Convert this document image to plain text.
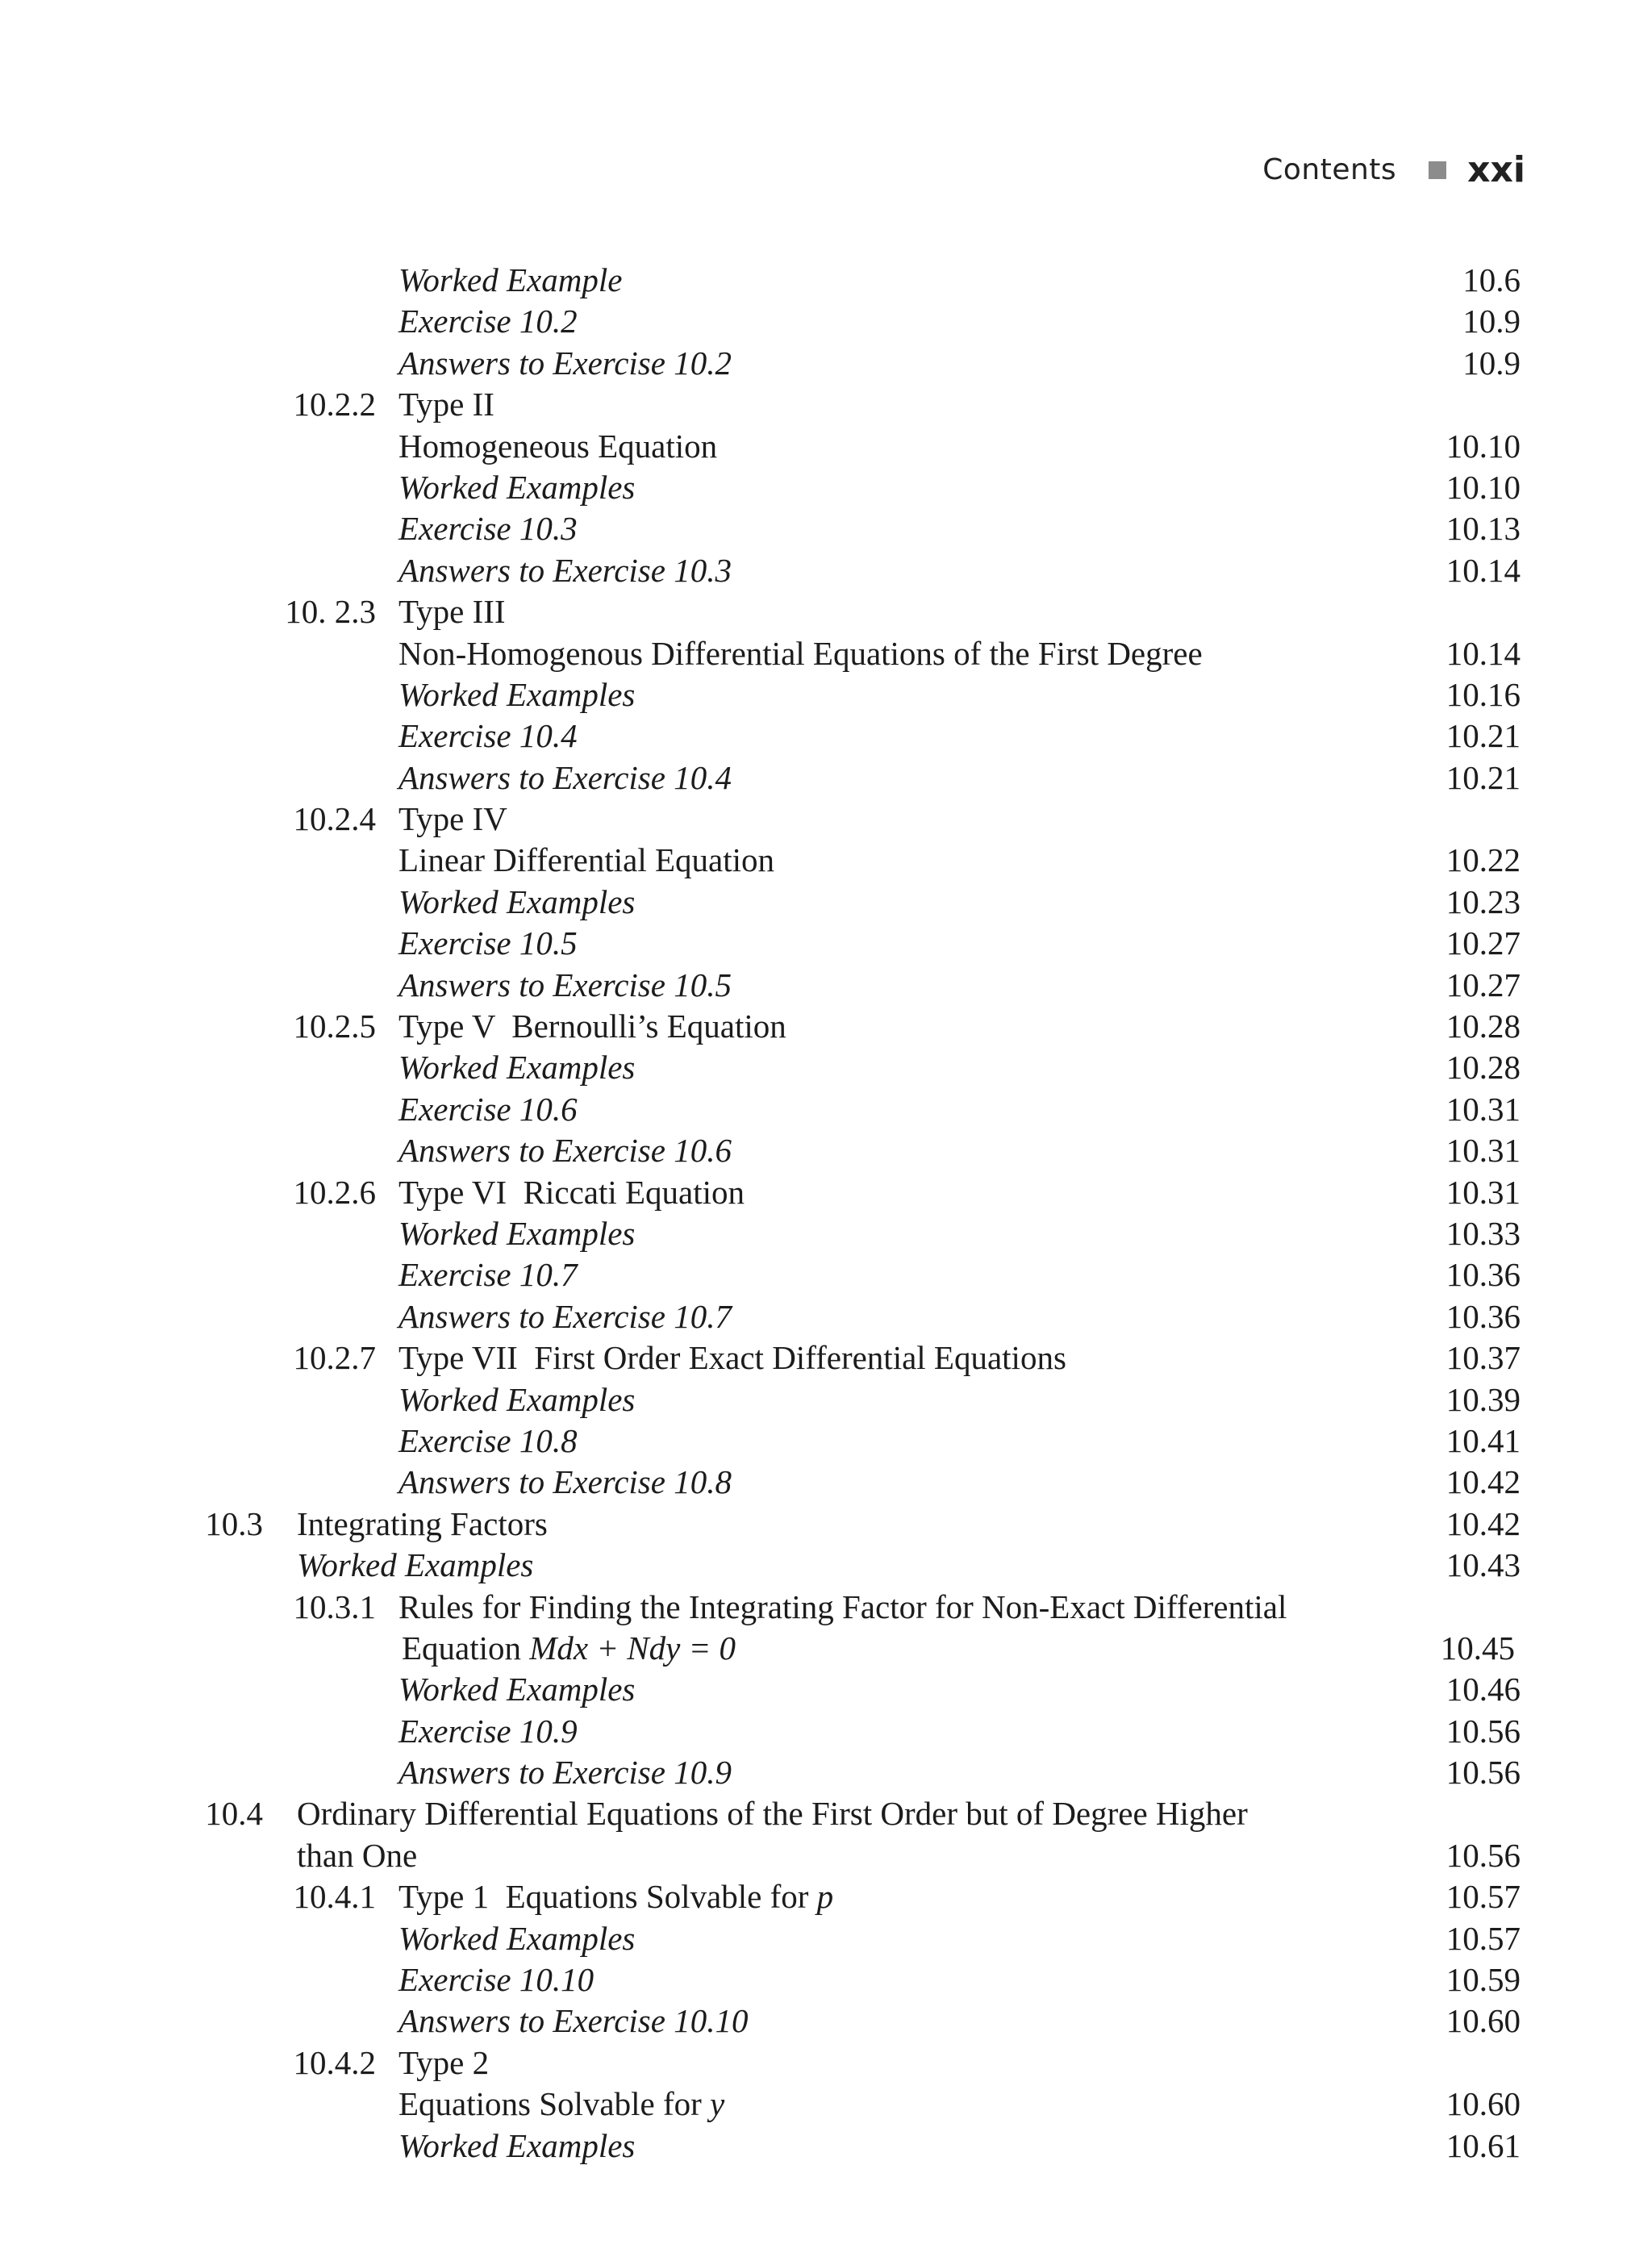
Contents xxi
Worked Example	10.6
Exercise 10.2	10.9
Answers to Exercise 10.2	10.9
10.2.2 Type II
Homogeneous Equation	10.10
Worked Examples	10.10
Exercise 10.3	10.13
Answers to Exercise 10.3	10.14
10. 2.3 Type III
Non-Homogenous Differential Equations of the First Degree	10.14
Worked Examples	10.16
Exercise 10.4	10.21
Answers to Exercise 10.4	10.21
10.2.4 Type IV
Linear Differential Equation	10.22
Worked Examples	10.23
Exercise 10.5	10.27
Answers to Exercise 10.5	10.27
10.2.5 Type V  Bernoulli’s Equation	10.28
Worked Examples	10.28
Exercise 10.6	10.31
Answers to Exercise 10.6	10.31
10.2.6 Type VI  Riccati Equation	10.31
Worked Examples	10.33
Exercise 10.7	10.36
Answers to Exercise 10.7	10.36
10.2.7 Type VII  First Order Exact Differential Equations	10.37
Worked Examples	10.39
Exercise 10.8	10.41
Answers to Exercise 10.8	10.42
10.3 Integrating Factors	10.42
Worked Examples	10.43
10.3.1 Rules for Finding the Integrating Factor for Non-Exact Differential
Equation Mdx + Ndy = 0	10.45
Worked Examples	10.46
Exercise 10.9	10.56
Answers to Exercise 10.9	10.56
10.4 Ordinary Differential Equations of the First Order but of Degree Higher
than One	10.56
10.4.1 Type 1  Equations Solvable for p	10.57
Worked Examples	10.57
Exercise 10.10	10.59
Answers to Exercise 10.10	10.60
10.4.2 Type 2
Equations Solvable for y	10.60
Worked Examples	10.61
